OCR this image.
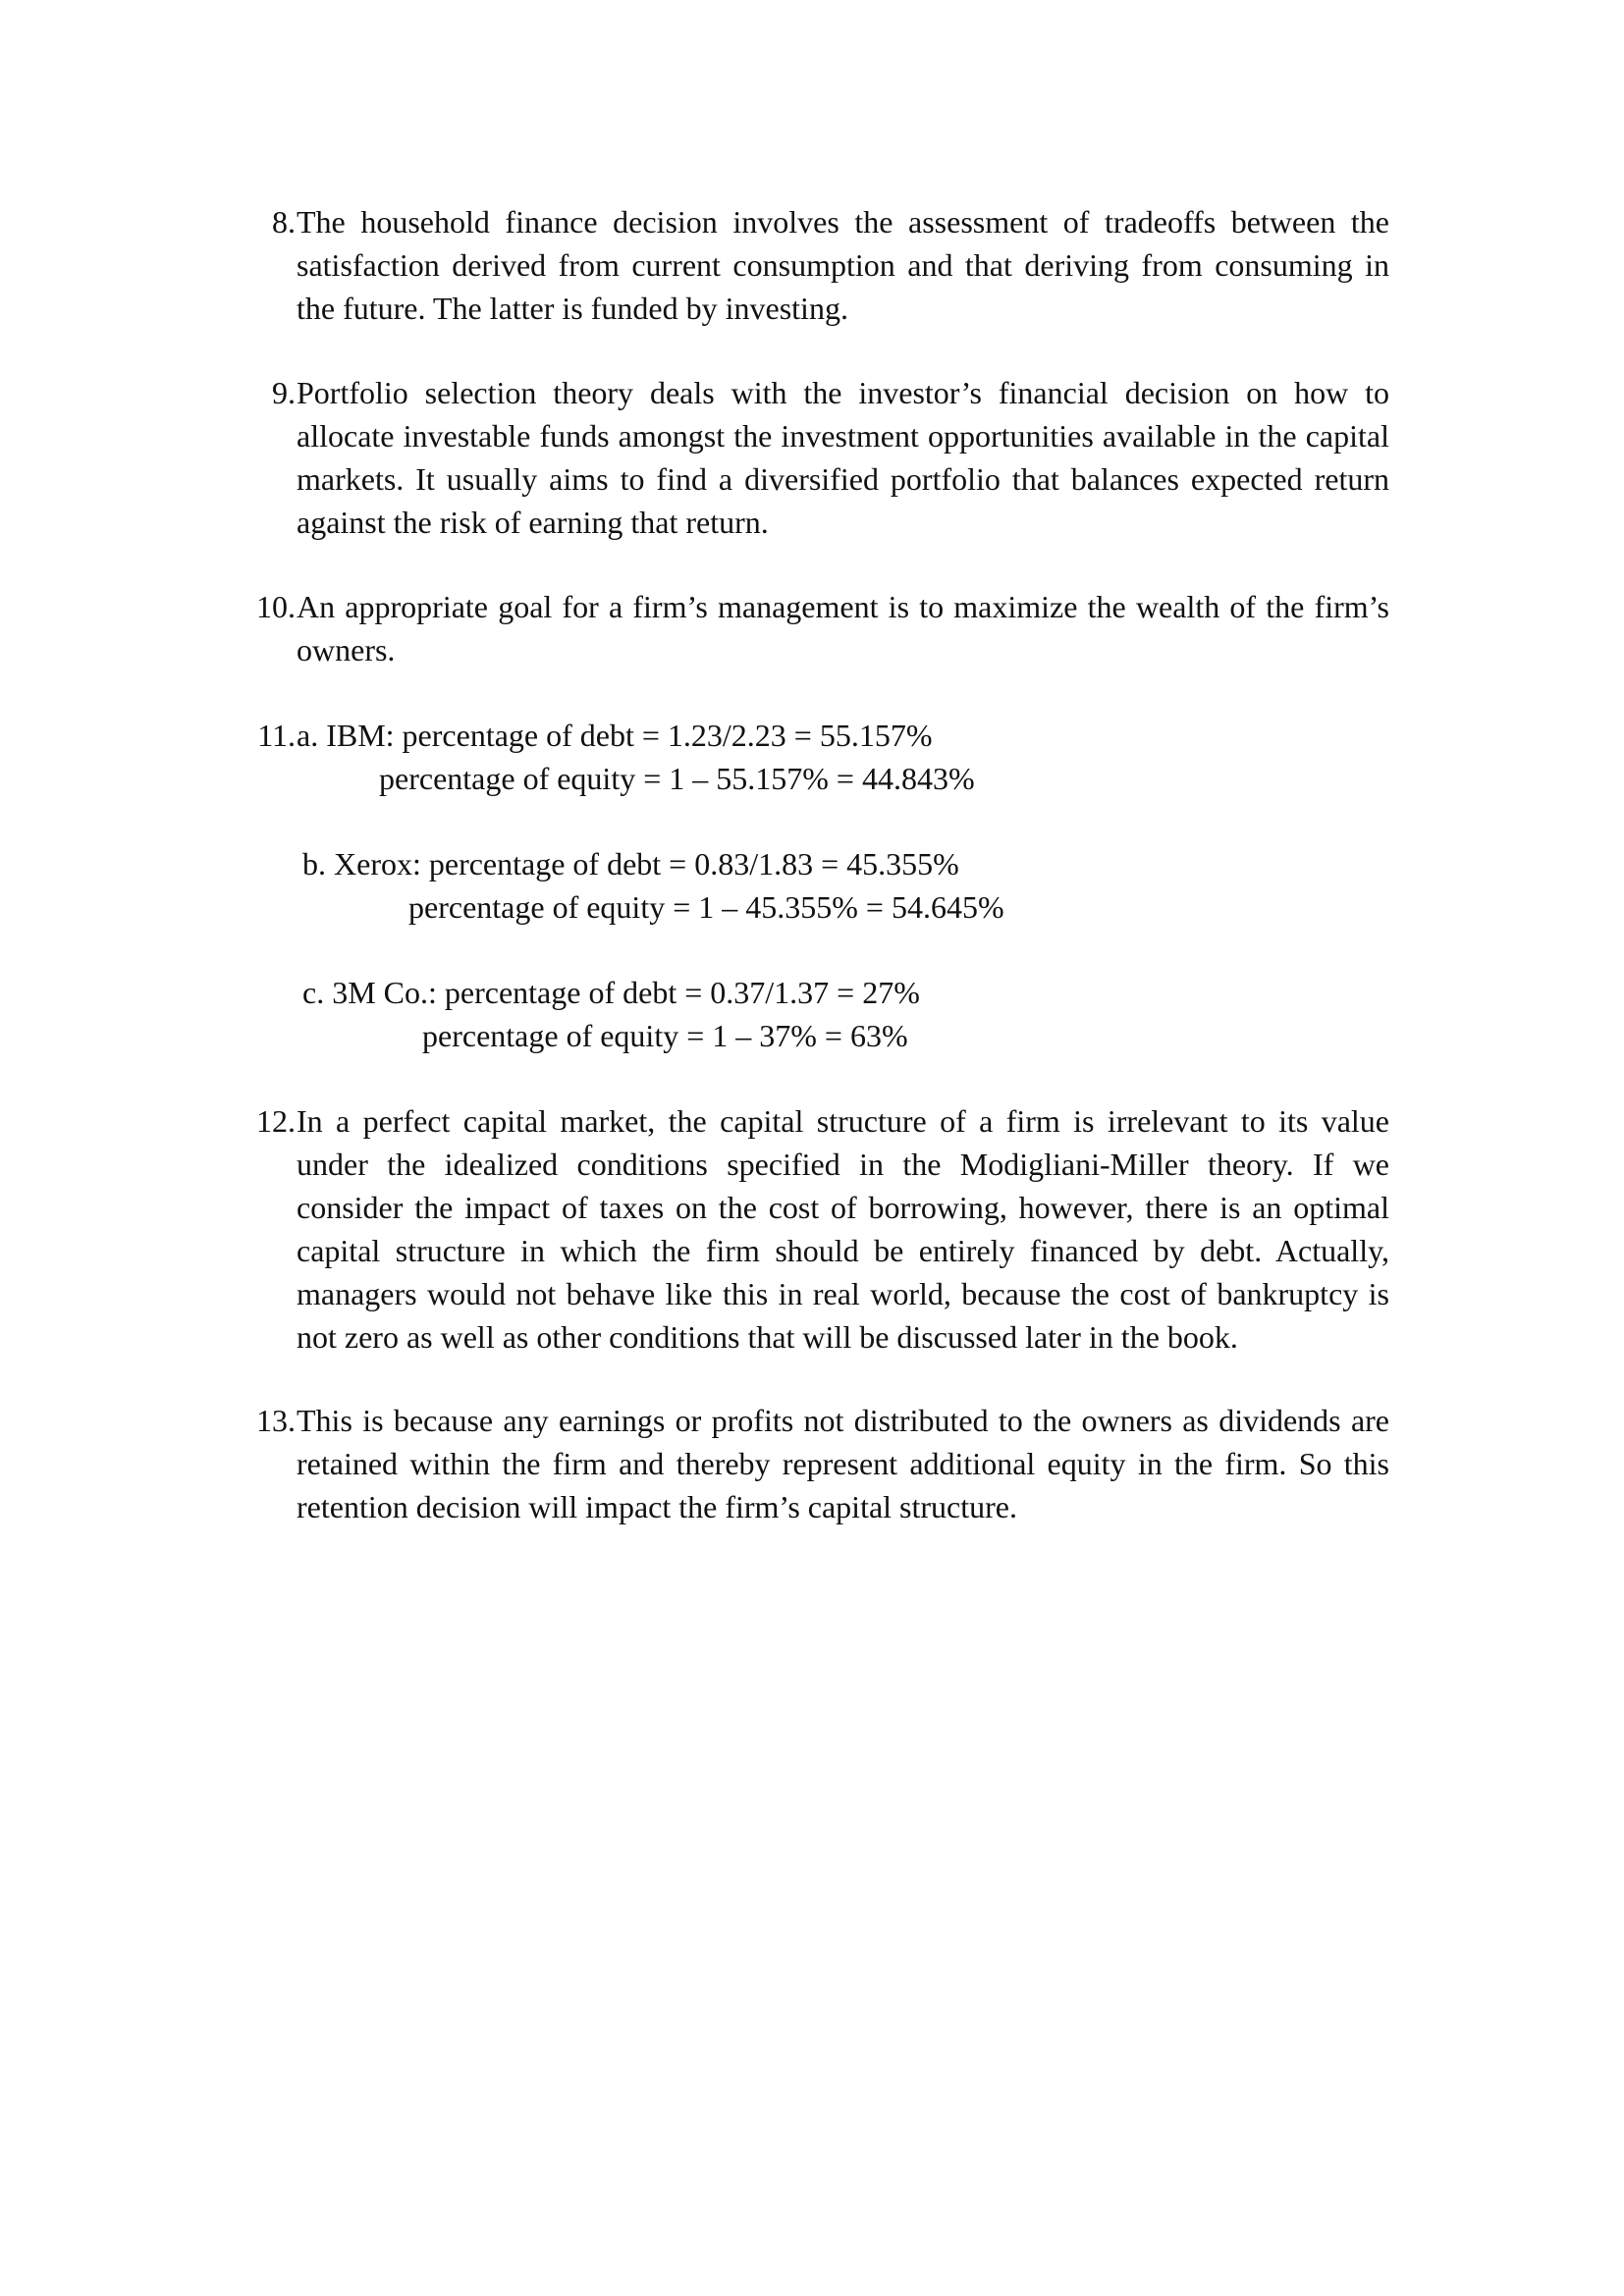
8. The household finance decision involves the assessment of tradeoffs between the satisfaction derived from current consumption and that deriving from consuming in the future. The latter is funded by investing.
9. Portfolio selection theory deals with the investor’s financial decision on how to allocate investable funds amongst the investment opportunities available in the capital markets. It usually aims to find a diversified portfolio that balances expected return against the risk of earning that return.
10. An appropriate goal for a firm’s management is to maximize the wealth of the firm’s owners.
11. a. IBM: percentage of debt = 1.23/2.23 = 55.157%
percentage of equity = 1 – 55.157% = 44.843%
b. Xerox: percentage of debt = 0.83/1.83 = 45.355%
percentage of equity = 1 – 45.355% = 54.645%
c. 3M Co.: percentage of debt = 0.37/1.37 = 27%
percentage of equity = 1 – 37% = 63%
12. In a perfect capital market, the capital structure of a firm is irrelevant to its value under the idealized conditions specified in the Modigliani-Miller theory. If we consider the impact of taxes on the cost of borrowing, however, there is an optimal capital structure in which the firm should be entirely financed by debt. Actually, managers would not behave like this in real world, because the cost of bankruptcy is not zero as well as other conditions that will be discussed later in the book.
13. This is because any earnings or profits not distributed to the owners as dividends are retained within the firm and thereby represent additional equity in the firm. So this retention decision will impact the firm’s capital structure.
